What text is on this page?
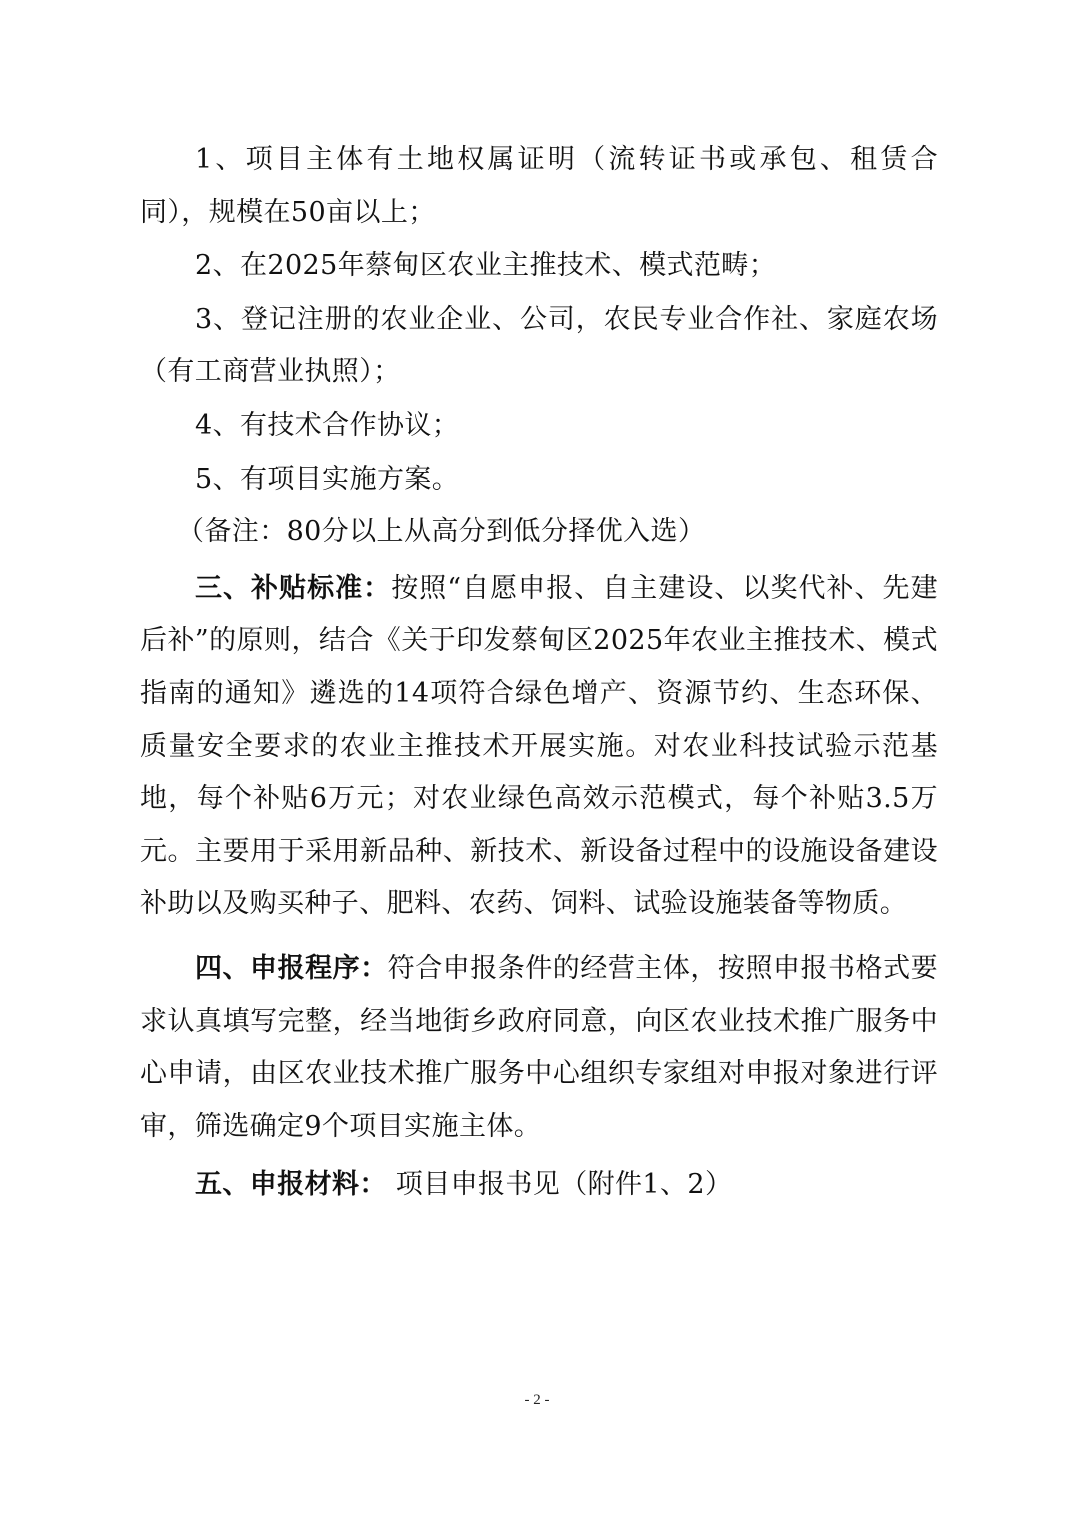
1、项目主体有土地权属证明（流转证书或承包、租赁合同），规模在50亩以上；

2、在2025年蔡甸区农业主推技术、模式范畴；

3、登记注册的农业企业、公司，农民专业合作社、家庭农场（有工商营业执照）；

4、有技术合作协议；

5、有项目实施方案。

（备注：80分以上从高分到低分择优入选）

三、补贴标准：按照“自愿申报、自主建设、以奖代补、先建后补”的原则，结合《关于印发蔡甸区2025年农业主推技术、模式指南的通知》遴选的14项符合绿色增产、资源节约、生态环保、质量安全要求的农业主推技术开展实施。对农业科技试验示范基地，每个补贴6万元；对农业绿色高效示范模式，每个补贴3.5万元。主要用于采用新品种、新技术、新设备过程中的设施设备建设补助以及购买种子、肥料、农药、饲料、试验设施装备等物质。

四、申报程序：符合申报条件的经营主体，按照申报书格式要求认真填写完整，经当地街乡政府同意，向区农业技术推广服务中心申请，由区农业技术推广服务中心组织专家组对申报对象进行评审，筛选确定9个项目实施主体。

五、申报材料： 项目申报书见（附件1、2）

- 2 -
